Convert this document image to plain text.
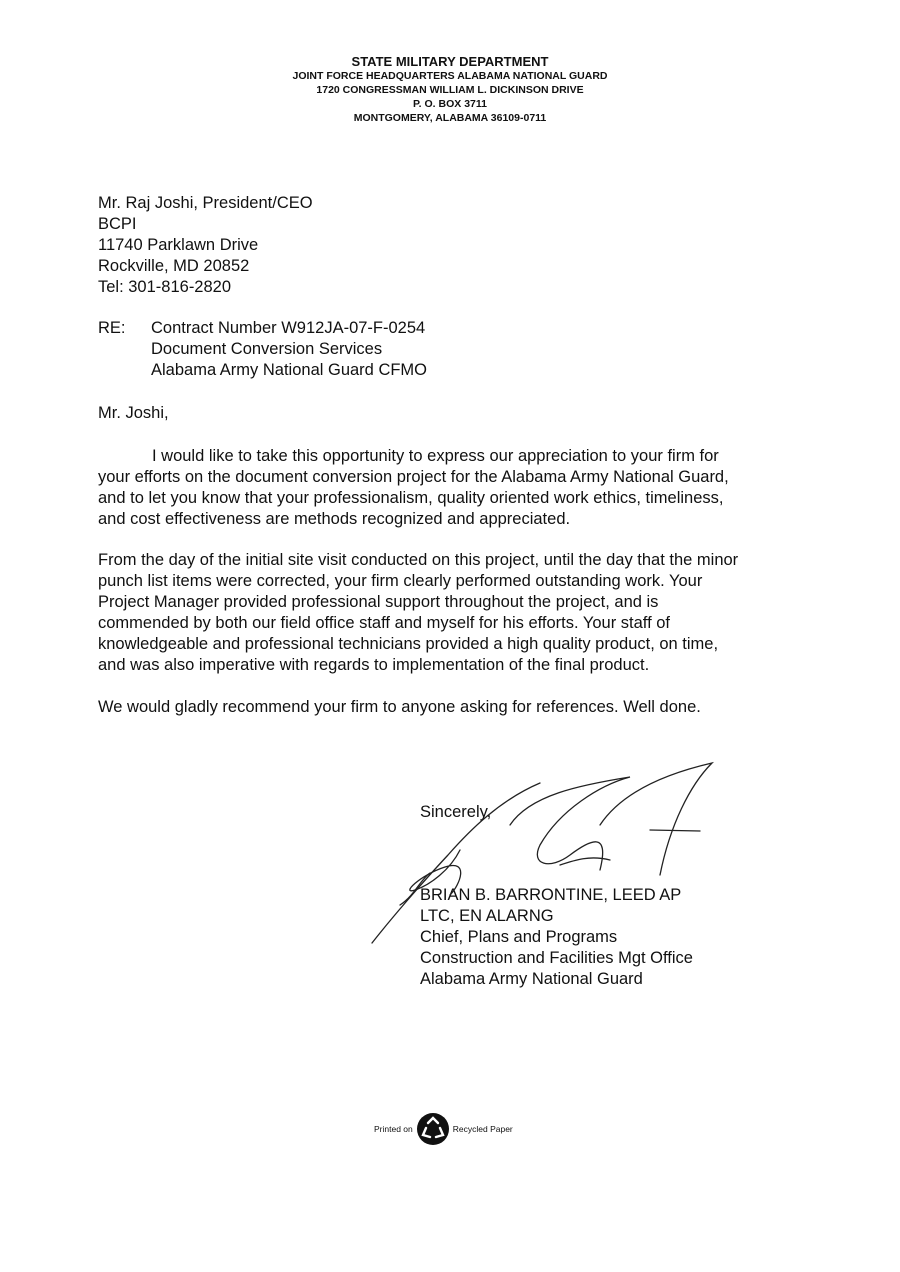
STATE MILITARY DEPARTMENT
JOINT FORCE HEADQUARTERS ALABAMA NATIONAL GUARD
1720 CONGRESSMAN WILLIAM L. DICKINSON DRIVE
P. O. BOX 3711
MONTGOMERY, ALABAMA 36109-0711
Mr. Raj Joshi, President/CEO
BCPI
11740 Parklawn Drive
Rockville, MD 20852
Tel: 301-816-2820
RE:	Contract Number W912JA-07-F-0254
Document Conversion Services
Alabama Army National Guard CFMO
Mr. Joshi,
I would like to take this opportunity to express our appreciation to your firm for
your efforts on the document conversion project for the Alabama Army National Guard,
and to let you know that your professionalism, quality oriented work ethics, timeliness,
and cost effectiveness are methods recognized and appreciated.
From the day of the initial site visit conducted on this project, until the day that the minor
punch list items were corrected, your firm clearly performed outstanding work. Your
Project Manager provided professional support throughout the project, and is
commended by both our field office staff and myself for his efforts. Your staff of
knowledgeable and professional technicians provided a high quality product, on time,
and was also imperative with regards to implementation of the final product.
We would gladly recommend your firm to anyone asking for references. Well done.
Sincerely,
BRIAN B. BARRONTINE, LEED AP
LTC, EN ALARNG
Chief, Plans and Programs
Construction and Facilities Mgt Office
Alabama Army National Guard
Printed on	Recycled Paper
